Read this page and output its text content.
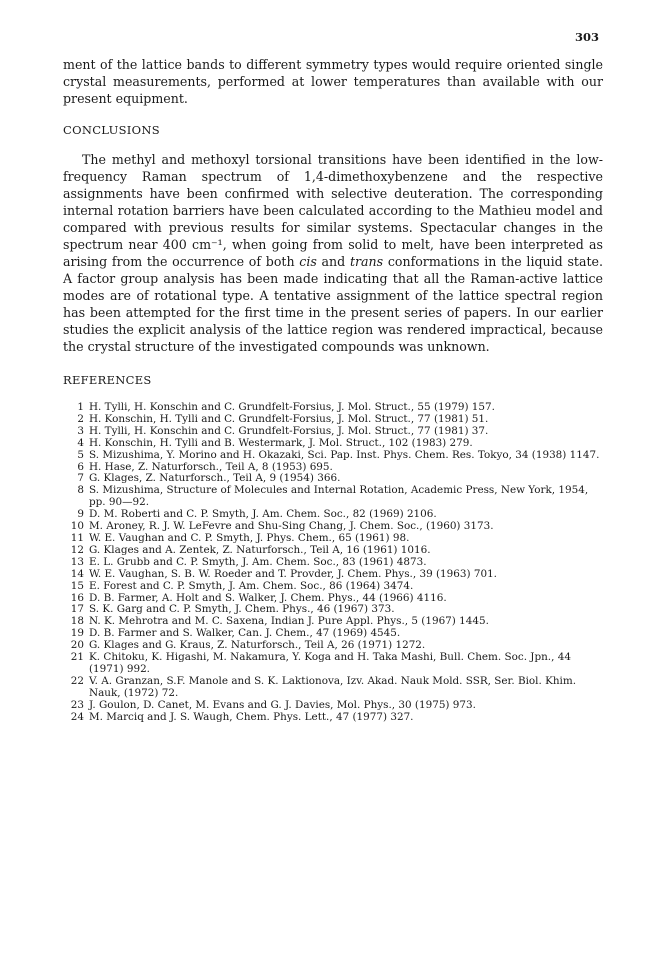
303

ment of the lattice bands to different symmetry types would require oriented single crystal measurements, performed at lower temperatures than available with our present equipment.

CONCLUSIONS

The methyl and methoxyl torsional transitions have been identified in the low-frequency Raman spectrum of 1,4-dimethoxybenzene and the respective assignments have been confirmed with selective deuteration. The corresponding internal rotation barriers have been calculated according to the Mathieu model and compared with previous results for similar systems. Spectacular changes in the spectrum near 400 cm⁻¹, when going from solid to melt, have been interpreted as arising from the occurrence of both cis and trans conformations in the liquid state. A factor group analysis has been made indicating that all the Raman-active lattice modes are of rotational type. A tentative assignment of the lattice spectral region has been attempted for the first time in the present series of papers. In our earlier studies the explicit analysis of the lattice region was rendered impractical, because the crystal structure of the investigated compounds was unknown.

REFERENCES
1 H. Tylli, H. Konschin and C. Grundfelt-Forsius, J. Mol. Struct., 55 (1979) 157.
2 H. Konschin, H. Tylli and C. Grundfelt-Forsius, J. Mol. Struct., 77 (1981) 51.
3 H. Tylli, H. Konschin and C. Grundfelt-Forsius, J. Mol. Struct., 77 (1981) 37.
4 H. Konschin, H. Tylli and B. Westermark, J. Mol. Struct., 102 (1983) 279.
5 S. Mizushima, Y. Morino and H. Okazaki, Sci. Pap. Inst. Phys. Chem. Res. Tokyo, 34 (1938) 1147.
6 H. Hase, Z. Naturforsch., Teil A, 8 (1953) 695.
7 G. Klages, Z. Naturforsch., Teil A, 9 (1954) 366.
8 S. Mizushima, Structure of Molecules and Internal Rotation, Academic Press, New York, 1954, pp. 90—92.
9 D. M. Roberti and C. P. Smyth, J. Am. Chem. Soc., 82 (1969) 2106.
10 M. Aroney, R. J. W. LeFevre and Shu-Sing Chang, J. Chem. Soc., (1960) 3173.
11 W. E. Vaughan and C. P. Smyth, J. Phys. Chem., 65 (1961) 98.
12 G. Klages and A. Zentek, Z. Naturforsch., Teil A, 16 (1961) 1016.
13 E. L. Grubb and C. P. Smyth, J. Am. Chem. Soc., 83 (1961) 4873.
14 W. E. Vaughan, S. B. W. Roeder and T. Provder, J. Chem. Phys., 39 (1963) 701.
15 E. Forest and C. P. Smyth, J. Am. Chem. Soc., 86 (1964) 3474.
16 D. B. Farmer, A. Holt and S. Walker, J. Chem. Phys., 44 (1966) 4116.
17 S. K. Garg and C. P. Smyth, J. Chem. Phys., 46 (1967) 373.
18 N. K. Mehrotra and M. C. Saxena, Indian J. Pure Appl. Phys., 5 (1967) 1445.
19 D. B. Farmer and S. Walker, Can. J. Chem., 47 (1969) 4545.
20 G. Klages and G. Kraus, Z. Naturforsch., Teil A, 26 (1971) 1272.
21 K. Chitoku, K. Higashi, M. Nakamura, Y. Koga and H. Taka Mashi, Bull. Chem. Soc. Jpn., 44 (1971) 992.
22 V. A. Granzan, S.F. Manole and S. K. Laktionova, Izv. Akad. Nauk Mold. SSR, Ser. Biol. Khim. Nauk, (1972) 72.
23 J. Goulon, D. Canet, M. Evans and G. J. Davies, Mol. Phys., 30 (1975) 973.
24 M. Marciq and J. S. Waugh, Chem. Phys. Lett., 47 (1977) 327.
